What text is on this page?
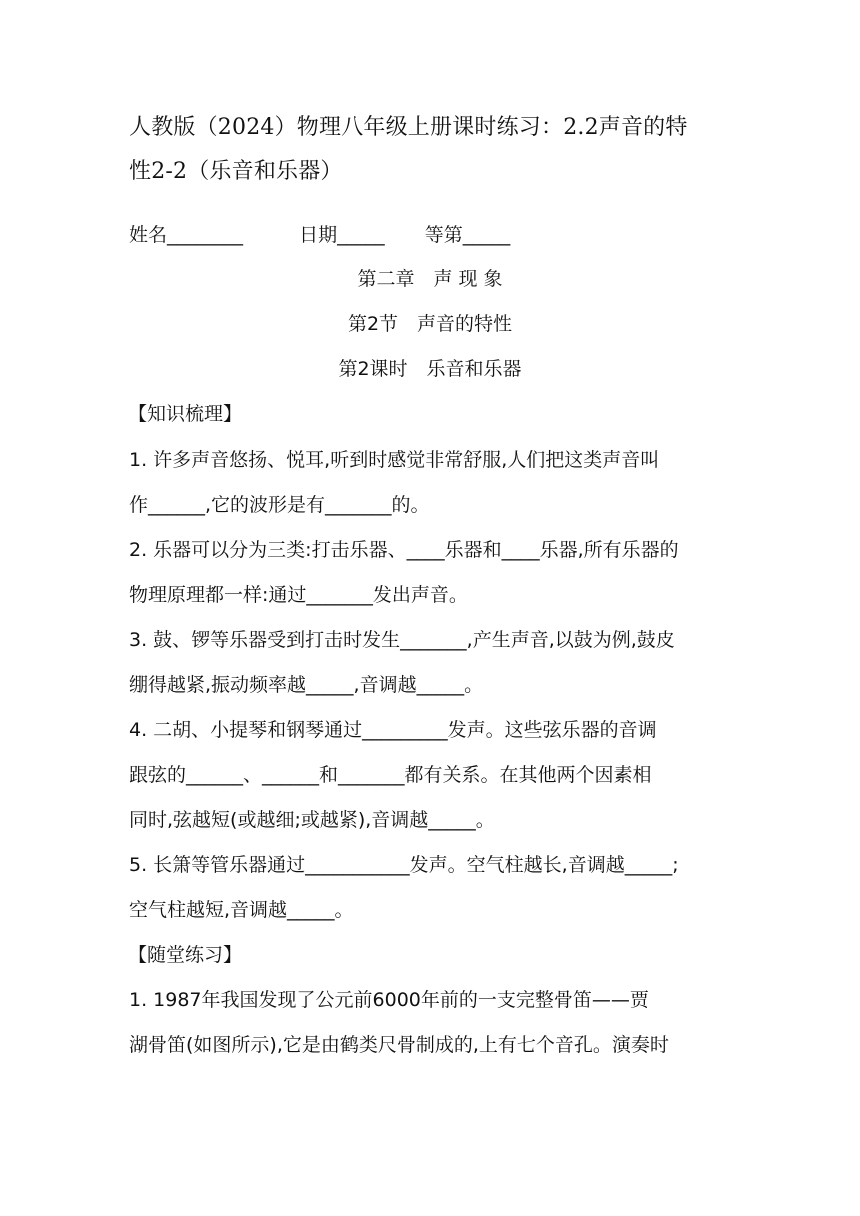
人教版（2024）物理八年级上册课时练习：2.2声音的特
性2-2（乐音和乐器）
姓名________	日期_____ 等第_____
第二章　声 现 象
第2节　声音的特性
第2课时　乐音和乐器
【知识梳理】
1. 许多声音悠扬、悦耳,听到时感觉非常舒服,人们把这类声音叫
作______,它的波形是有_______的。
2. 乐器可以分为三类:打击乐器、____乐器和____乐器,所有乐器的
物理原理都一样:通过_______发出声音。
3. 鼓、锣等乐器受到打击时发生_______,产生声音,以鼓为例,鼓皮
绷得越紧,振动频率越_____,音调越_____。
4. 二胡、小提琴和钢琴通过_________发声。这些弦乐器的音调
跟弦的______、______和_______都有关系。在其他两个因素相
同时,弦越短(或越细;或越紧),音调越_____。
5. 长箫等管乐器通过___________发声。空气柱越长,音调越_____;
空气柱越短,音调越_____。
【随堂练习】
1. 1987年我国发现了公元前6000年前的一支完整骨笛——贾
湖骨笛(如图所示),它是由鹤类尺骨制成的,上有七个音孔。演奏时
